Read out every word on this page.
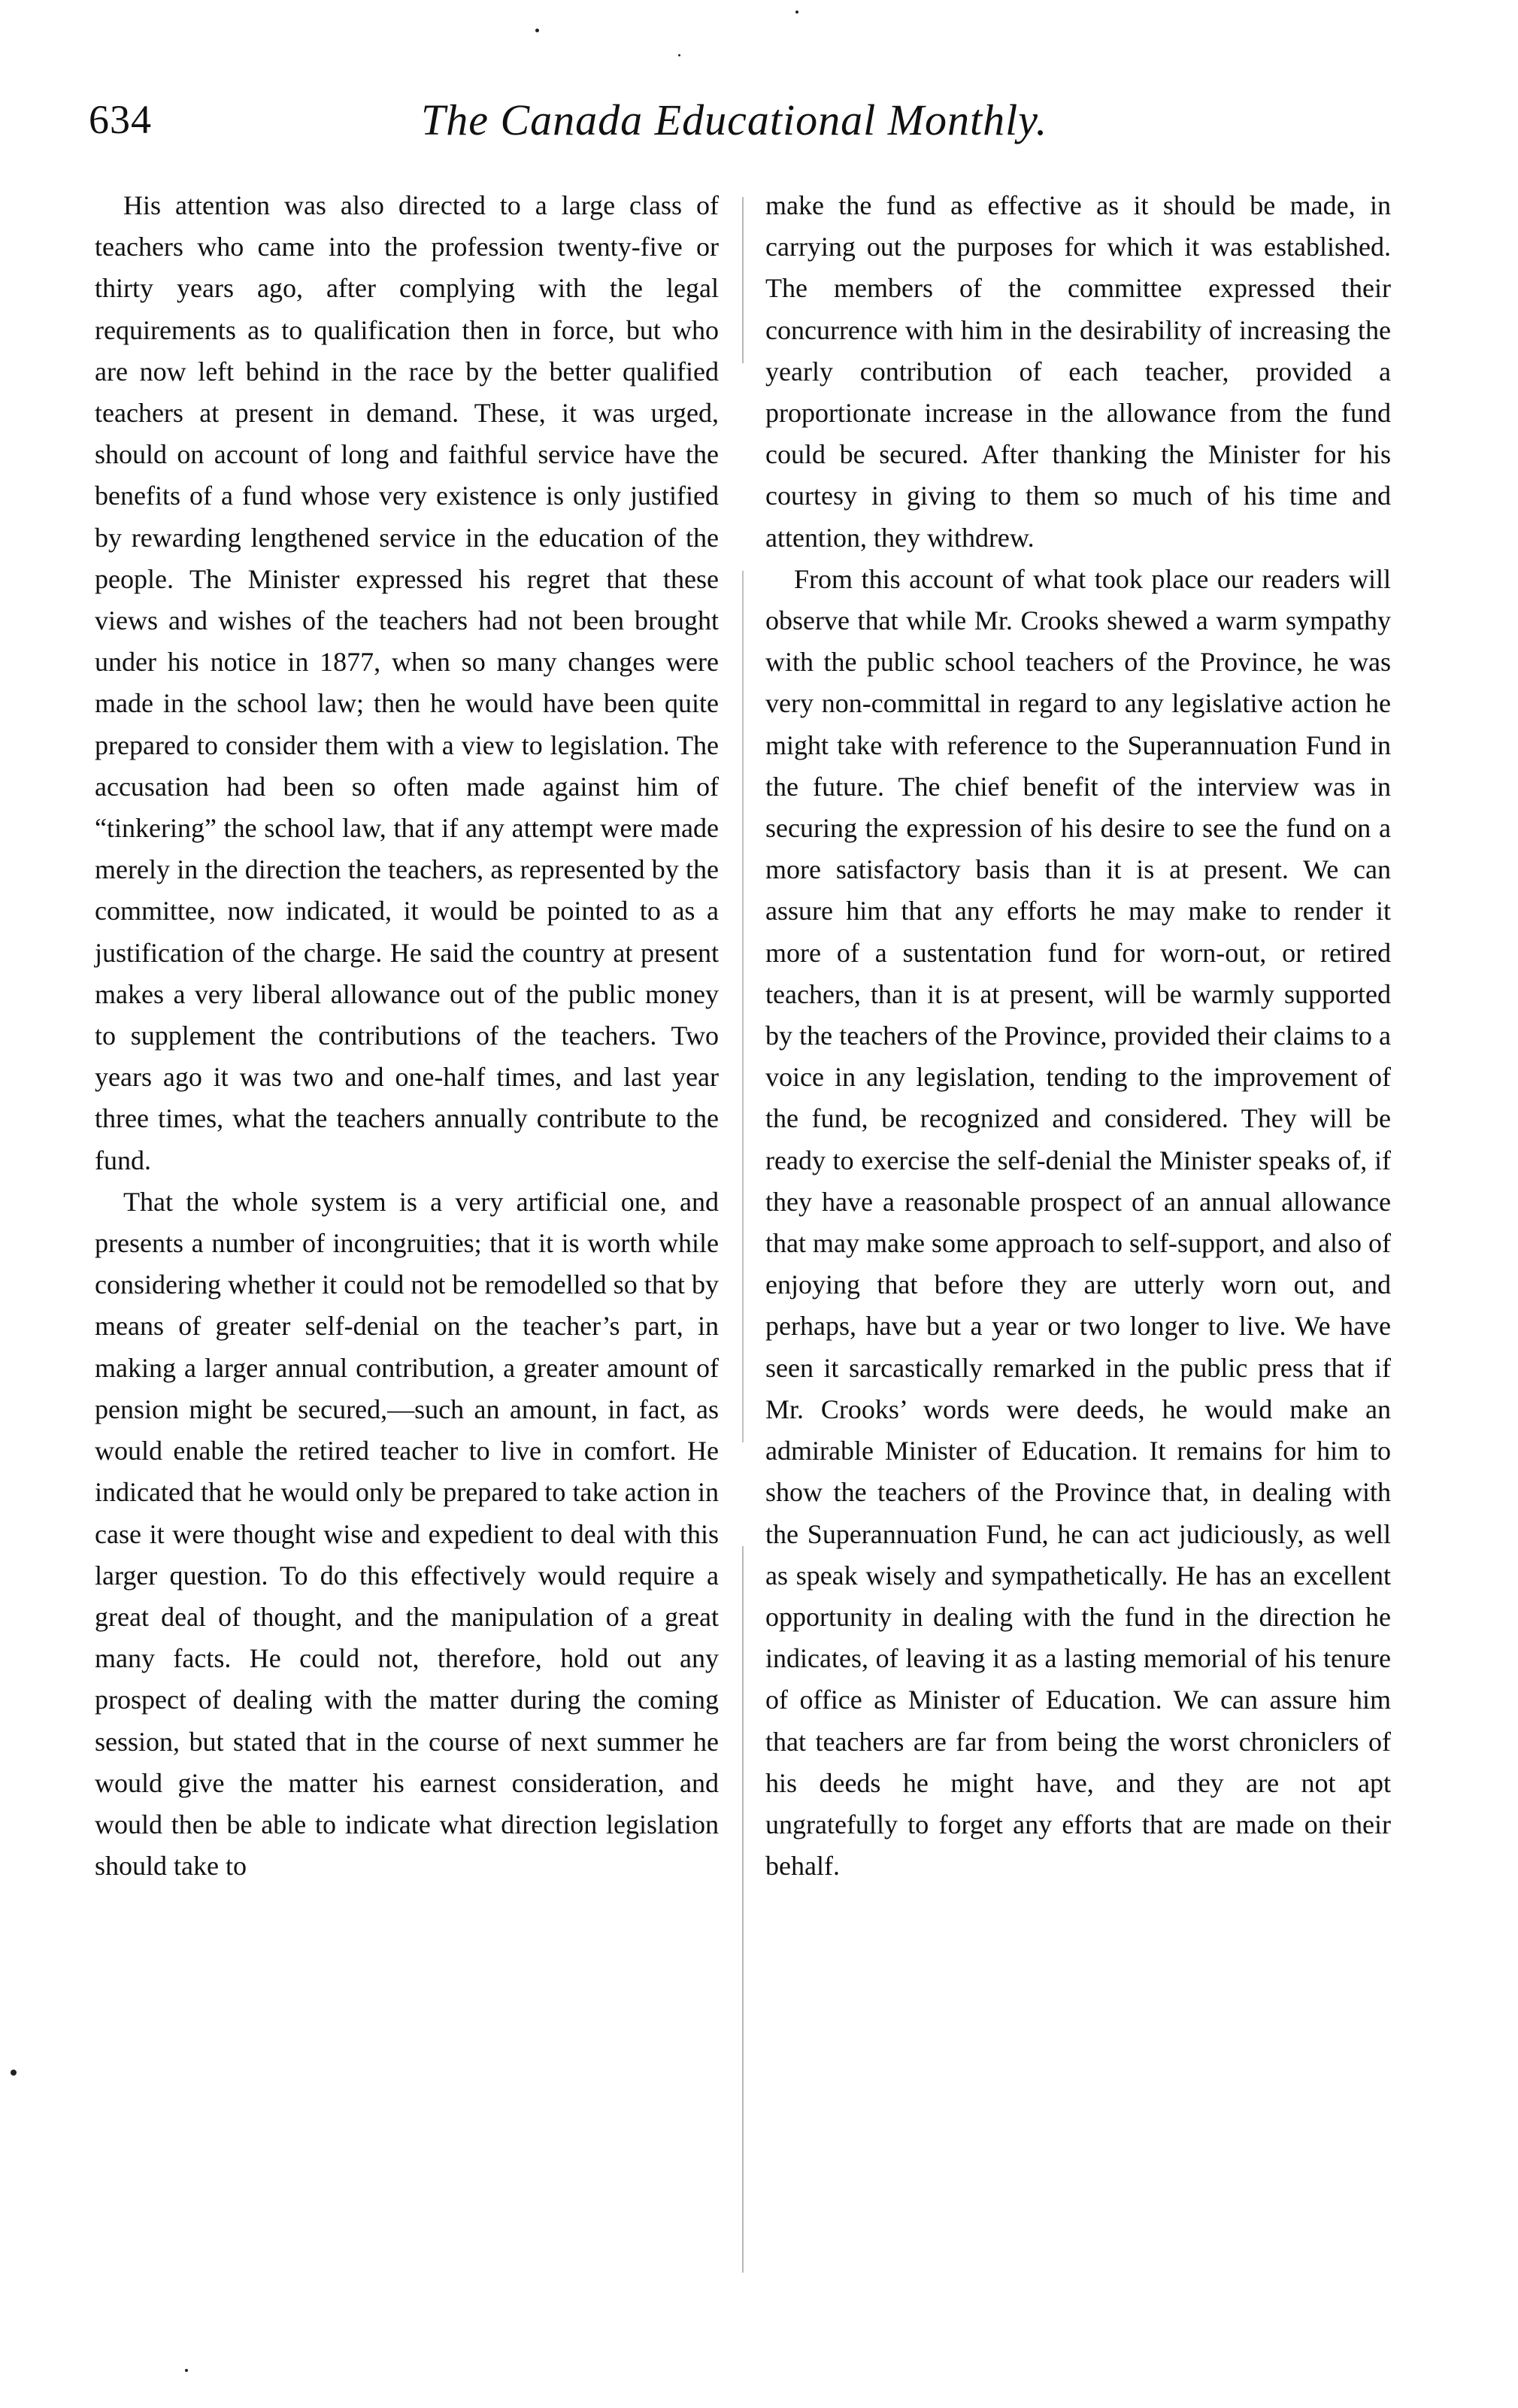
634	The Canada Educational Monthly.

His attention was also directed to a large class of teachers who came into the profession twenty-five or thirty years ago, after complying with the legal requirements as to qualification then in force, but who are now left behind in the race by the better qualified teachers at present in demand. These, it was urged, should on account of long and faithful service have the benefits of a fund whose very existence is only justified by rewarding lengthened service in the education of the people. The Minister expressed his regret that these views and wishes of the teachers had not been brought under his notice in 1877, when so many changes were made in the school law; then he would have been quite prepared to consider them with a view to legislation. The accusation had been so often made against him of “tinkering” the school law, that if any attempt were made merely in the direction the teachers, as represented by the committee, now indicated, it would be pointed to as a justification of the charge. He said the country at present makes a very liberal allowance out of the public money to supplement the contributions of the teachers. Two years ago it was two and one-half times, and last year three times, what the teachers annually contribute to the fund.

That the whole system is a very artificial one, and presents a number of incongruities; that it is worth while considering whether it could not be remodelled so that by means of greater self-denial on the teacher’s part, in making a larger annual contribution, a greater amount of pension might be secured,—such an amount, in fact, as would enable the retired teacher to live in comfort. He indicated that he would only be prepared to take action in case it were thought wise and expedient to deal with this larger question. To do this effectively would require a great deal of thought, and the manipulation of a great many facts. He could not, therefore, hold out any prospect of dealing with the matter during the coming session, but stated that in the course of next summer he would give the matter his earnest consideration, and would then be able to indicate what direction legislation should take to

make the fund as effective as it should be made, in carrying out the purposes for which it was established. The members of the committee expressed their concurrence with him in the desirability of increasing the yearly contribution of each teacher, provided a proportionate increase in the allowance from the fund could be secured. After thanking the Minister for his courtesy in giving to them so much of his time and attention, they withdrew.

From this account of what took place our readers will observe that while Mr. Crooks shewed a warm sympathy with the public school teachers of the Province, he was very non-committal in regard to any legislative action he might take with reference to the Superannuation Fund in the future. The chief benefit of the interview was in securing the expression of his desire to see the fund on a more satisfactory basis than it is at present. We can assure him that any efforts he may make to render it more of a sustentation fund for worn-out, or retired teachers, than it is at present, will be warmly supported by the teachers of the Province, provided their claims to a voice in any legislation, tending to the improvement of the fund, be recognized and considered. They will be ready to exercise the self-denial the Minister speaks of, if they have a reasonable prospect of an annual allowance that may make some approach to self-support, and also of enjoying that before they are utterly worn out, and perhaps, have but a year or two longer to live. We have seen it sarcastically remarked in the public press that if Mr. Crooks’ words were deeds, he would make an admirable Minister of Education. It remains for him to show the teachers of the Province that, in dealing with the Superannuation Fund, he can act judiciously, as well as speak wisely and sympathetically. He has an excellent opportunity in dealing with the fund in the direction he indicates, of leaving it as a lasting memorial of his tenure of office as Minister of Education. We can assure him that teachers are far from being the worst chroniclers of his deeds he might have, and they are not apt ungratefully to forget any efforts that are made on their behalf.
